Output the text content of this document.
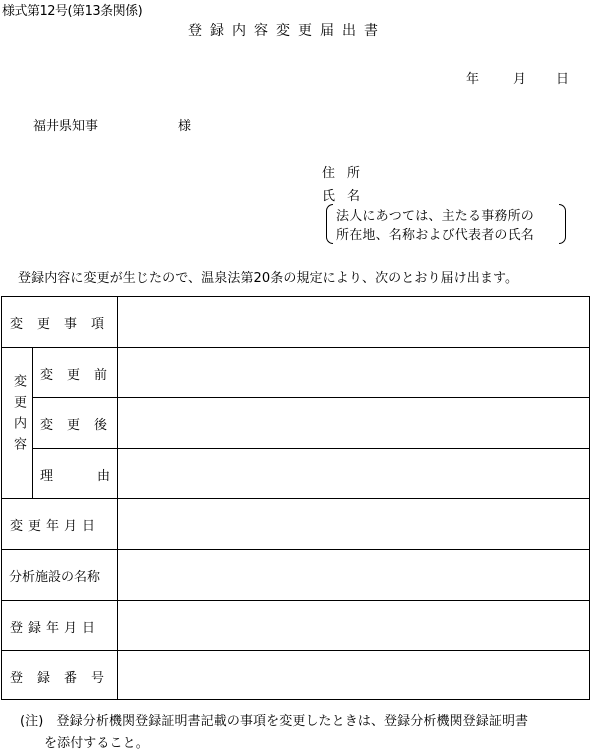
様式第12号(第13条関係)
登録内容変更届出書
年	月 日
福井県知事	様
住所
氏名
法人にあつては、主たる事務所の
所在地、名称および代表者の氏名
登録内容に変更が生じたので、温泉法第20条の規定により、次のとおり届け出ます。
変更事項
変更内容 変更前
変更後
理由
変更年月日
分析施設の名称
登録年月日
登録番号
(注)　登録分析機関登録証明書記載の事項を変更したときは、登録分析機関登録証明書
を添付すること。
